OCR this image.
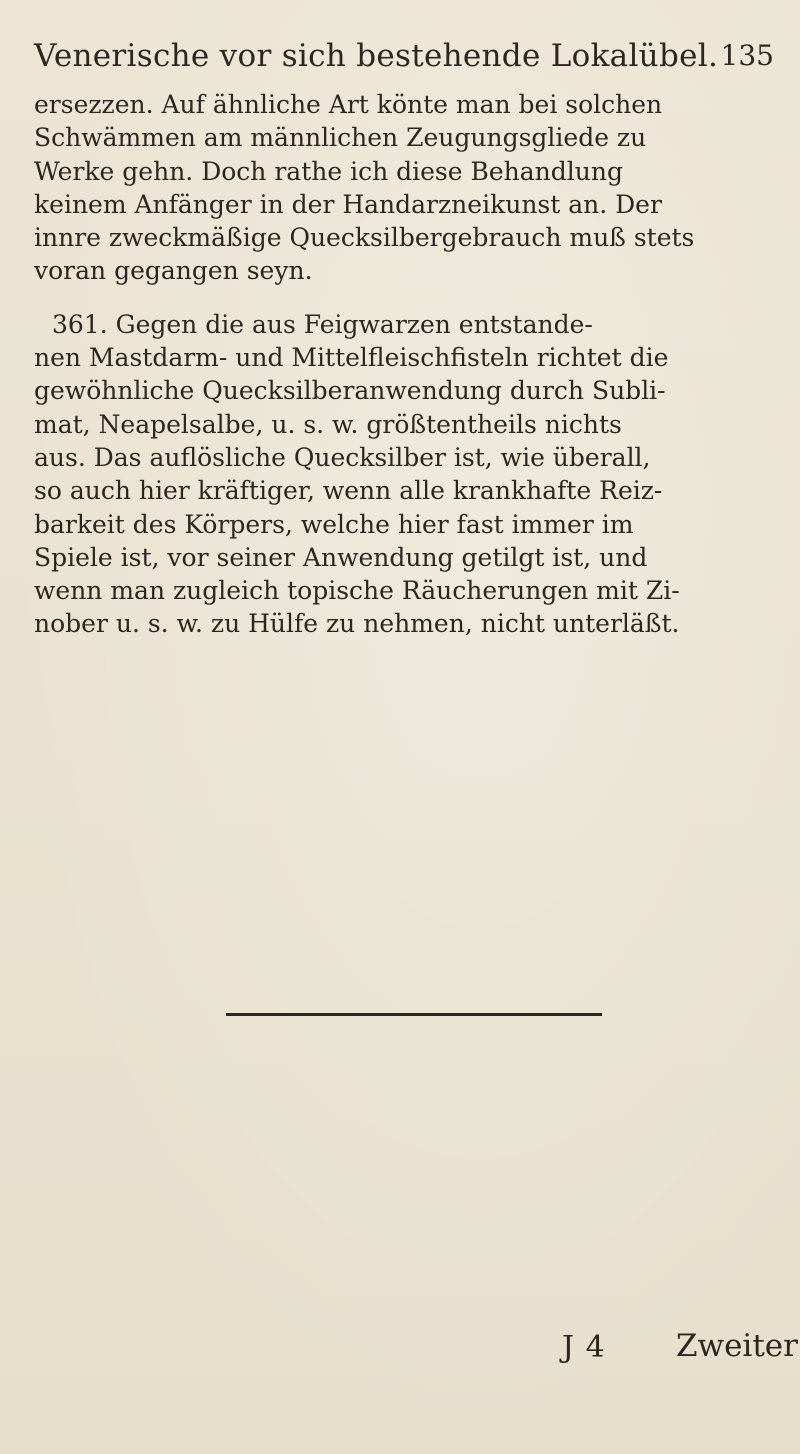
Venerische vor sich bestehende Lokalübel. 135

ersezzen. Auf ähnliche Art könte man bei solchen
Schwämmen am männlichen Zeugungsgliede zu
Werke gehn. Doch rathe ich diese Behandlung
keinem Anfänger in der Handarzneikunst an. Der
innre zweckmäßige Quecksilbergebrauch muß stets
voran gegangen seyn.

361. Gegen die aus Feigwarzen entstande-
nen Mastdarm- und Mittelfleischfisteln richtet die
gewöhnliche Quecksilberanwendung durch Subli-
mat, Neapelsalbe, u. s. w. größtentheils nichts
aus. Das auflösliche Quecksilber ist, wie überall,
so auch hier kräftiger, wenn alle krankhafte Reiz-
barkeit des Körpers, welche hier fast immer im
Spiele ist, vor seiner Anwendung getilgt ist, und
wenn man zugleich topische Räucherungen mit Zi-
nober u. s. w. zu Hülfe zu nehmen, nicht unterläßt.

J 4 Zweiter
